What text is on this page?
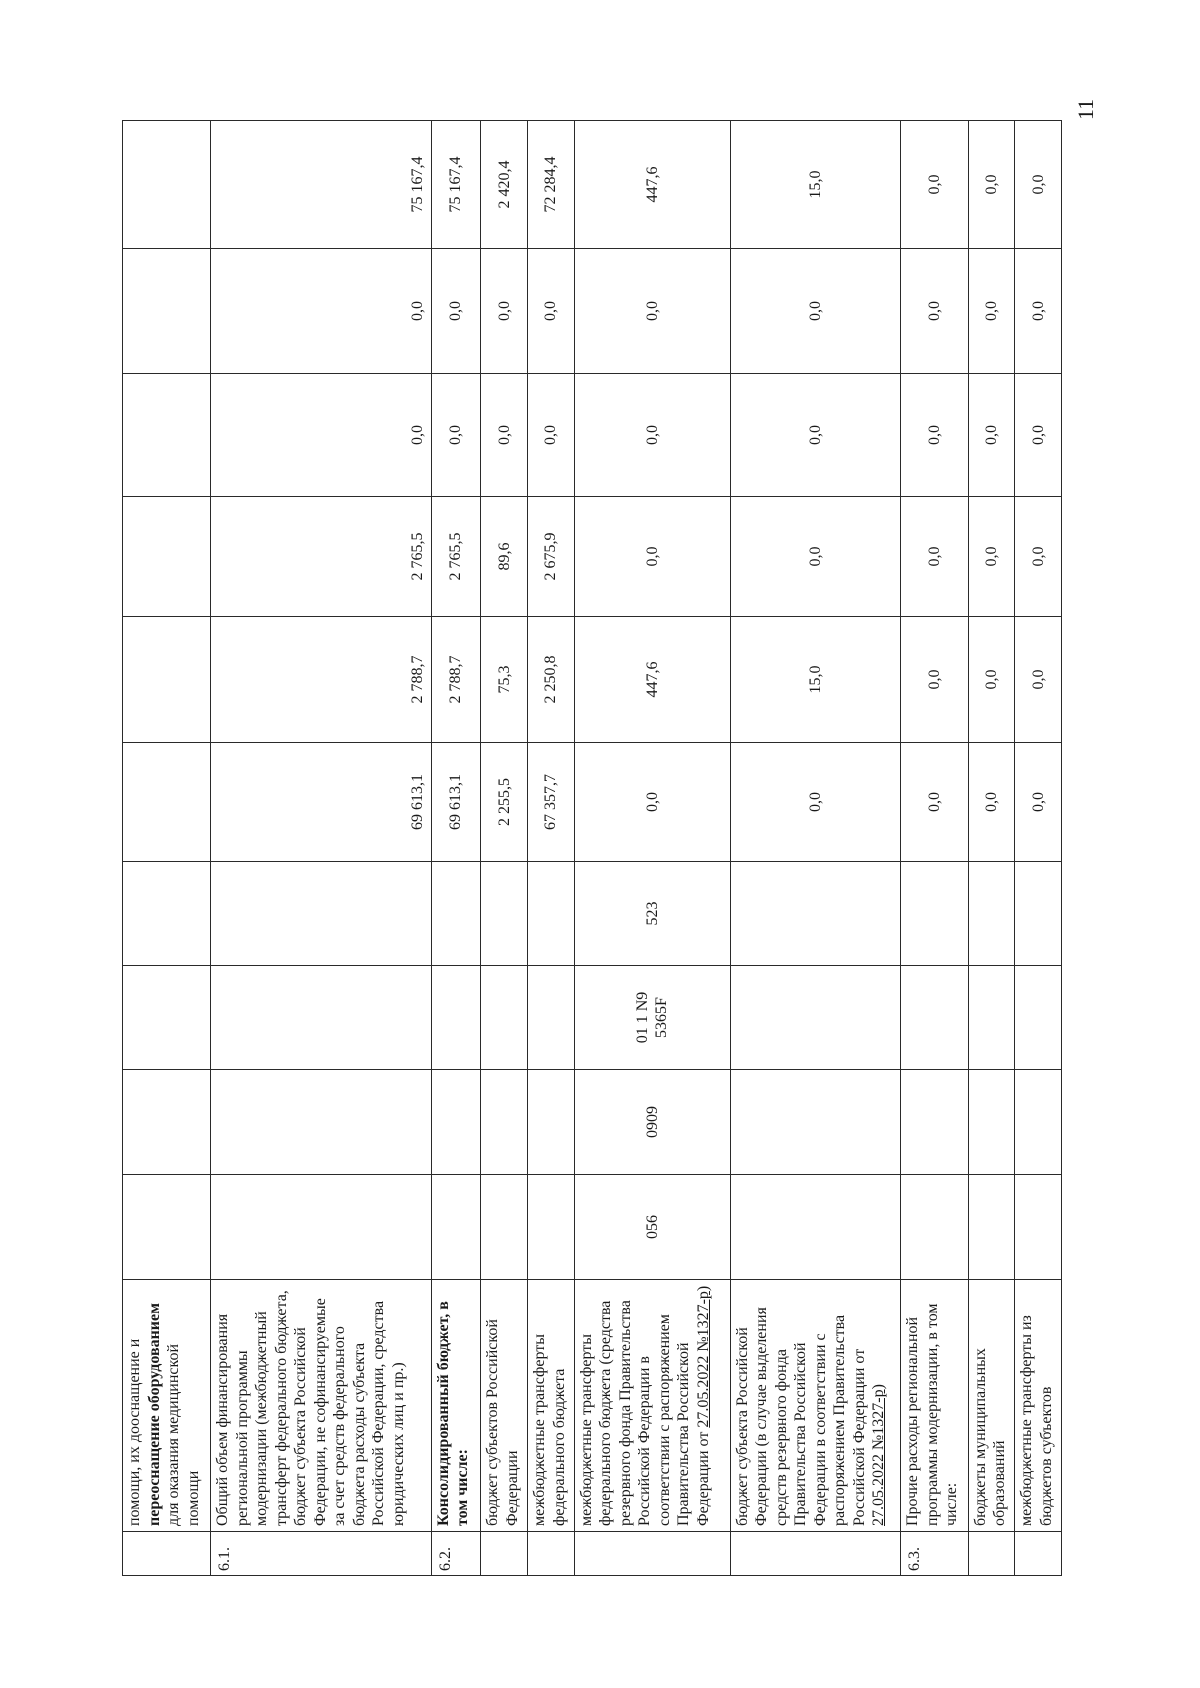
11
	помощи, их дооснащение и переоснащение оборудованием для оказания медицинской помощи										
6.1.	Общий объем финансирования региональной программы модернизации (межбюджетный трансферт федерального бюджета, бюджет субъекта Российской Федерации, не софинансируемые за счет средств федерального бюджета расходы субъекта Российской Федерации, средства юридических лиц и пр.)					69 613,1	2 788,7	2 765,5	0,0	0,0	75 167,4
6.2.	Консолидированный бюджет, в том числе:					69 613,1	2 788,7	2 765,5	0,0	0,0	75 167,4
	бюджет субъектов Российской Федерации					2 255,5	75,3	89,6	0,0	0,0	2 420,4
	межбюджетные трансферты федерального бюджета					67 357,7	2 250,8	2 675,9	0,0	0,0	72 284,4
	межбюджетные трансферты федерального бюджета (средства резервного фонда Правительства Российской Федерации в соответствии с распоряжением Правительства Российской Федерации от 27.05.2022 №1327-р)	056	0909	01 1 N9 5365F	523	0,0	447,6	0,0	0,0	0,0	447,6
	бюджет субъекта Российской Федерации (в случае выделения средств резервного фонда Правительства Российской Федерации в соответствии с распоряжением Правительства Российской Федерации от 27.05.2022 №1327-р)					0,0	15,0	0,0	0,0	0,0	15,0
6.3.	Прочие расходы региональной программы модернизации, в том числе:					0,0	0,0	0,0	0,0	0,0	0,0
	бюджеты муниципальных образований					0,0	0,0	0,0	0,0	0,0	0,0
	межбюджетные трансферты из бюджетов субъектов					0,0	0,0	0,0	0,0	0,0	0,0
